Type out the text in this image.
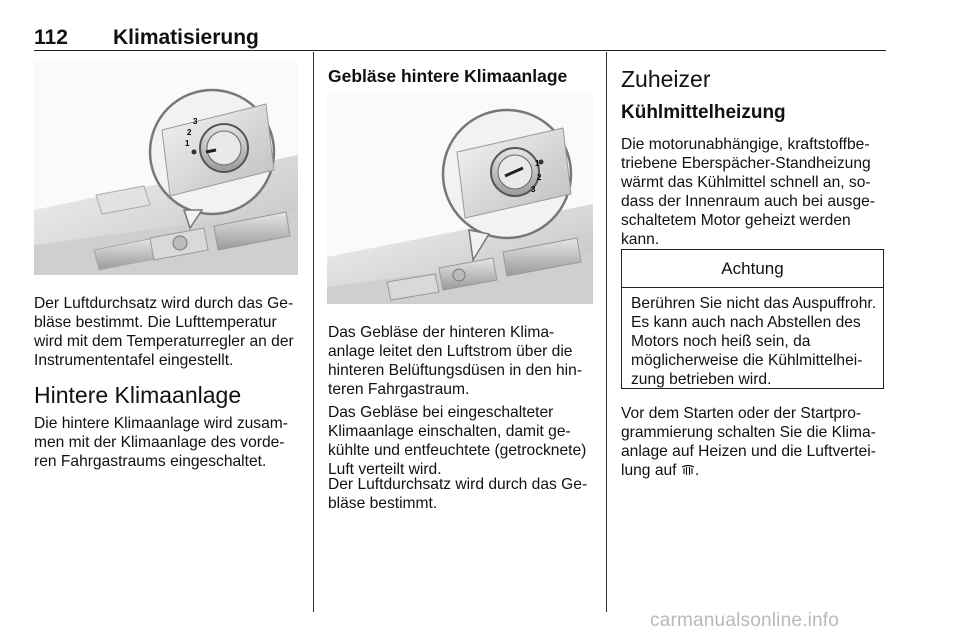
112 Klimatisierung
3
2
1

Der Luftdurchsatz wird durch das Gebläse bestimmt. Die Lufttemperatur wird mit dem Temperaturregler an der Instrumententafel eingestellt.

Hintere Klimaanlage

Die hintere Klimaanlage wird zusammen mit der Klimaanlage des vorderen Fahrgastraums eingeschaltet.

Gebläse hintere Klimaanlage
1
2
3

Das Gebläse der hinteren Klimaanlage leitet den Luftstrom über die hinteren Belüftungsdüsen in den hinteren Fahrgastraum.

Das Gebläse bei eingeschalteter Klimaanlage einschalten, damit gekühlte und entfeuchtete (getrocknete) Luft verteilt wird.

Der Luftdurchsatz wird durch das Gebläse bestimmt.

Zuheizer
Kühlmittelheizung

Die motorunabhängige, kraftstoffbetriebene Eberspächer-Standheizung wärmt das Kühlmittel schnell an, sodass der Innenraum auch bei ausgeschaltetem Motor geheizt werden kann.

Achtung

Berühren Sie nicht das Auspuffrohr. Es kann auch nach Abstellen des Motors noch heiß sein, da möglicherweise die Kühlmittelheizung betrieben wird.

Vor dem Starten oder der Startprogrammierung schalten Sie die Klimaanlage auf Heizen und die Luftverteilung auf .

carmanualsonline.info
